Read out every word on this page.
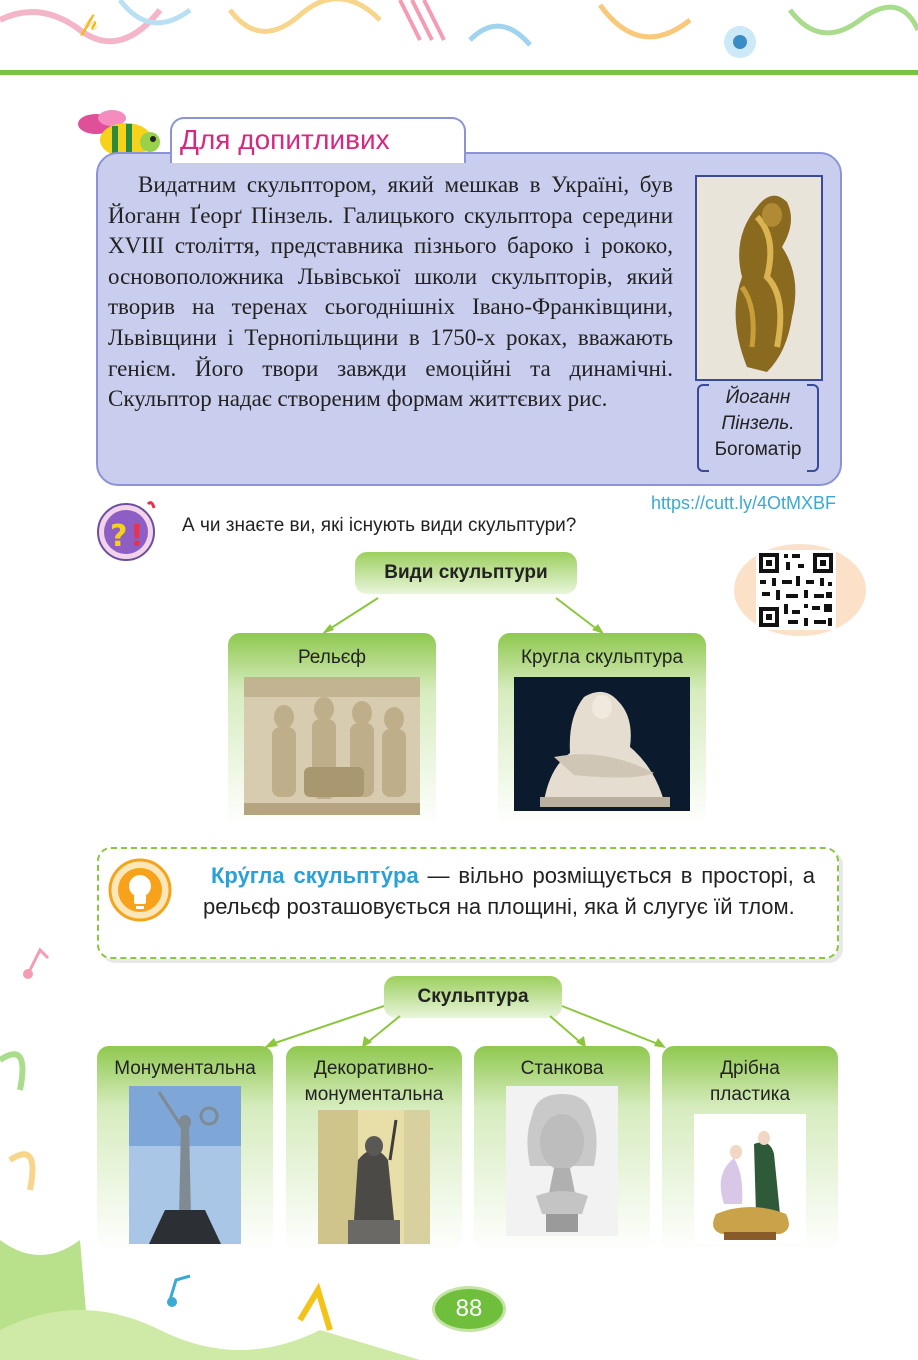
𝓅
Для допитливих

Видатним скульптором, який мешкав в Україні, був Йоганн Ґеорґ Пінзель. Галицького скульптора середини XVIII століття, представника пізнього бароко і рококо, основоположника Львівської школи скульпторів, який творив на теренах сьогоднішніх Івано-Франківщини, Львівщини і Тернопільщини в 1750-х роках, вважають генієм. Його твори завжди емоційні та динамічні. Скульптор надає створеним формам життєвих рис.	Йоганн
Пінзель.
Богоматір
https://cutt.ly/4OtMXBF
? ! А чи знаєте ви, які існують види скульптури?
Види скульптури
Рельєф	Кругла скульптура
Кру́гла скульпту́ра — вільно розміщується в просторі, а рельєф розташовується на площині, яка й слугує їй тлом.
Скульптура
Монументальна	Декоративно-монументальна
Станкова	Дрібна пластика
88
